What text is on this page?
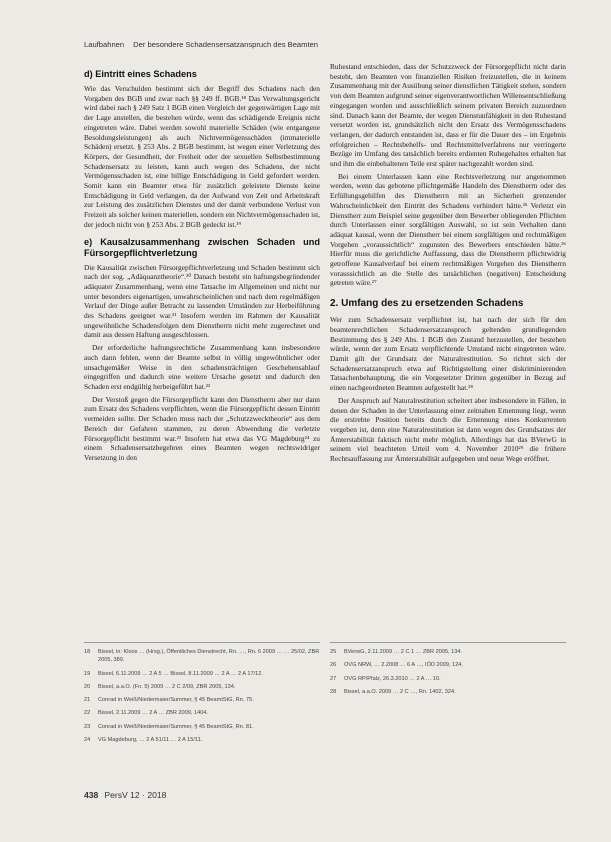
Laufbahnen Der besondere Schadensersatzanspruch des Beamten
d) Eintritt eines Schadens

Wie das Verschulden bestimmt sich der Begriff des Schadens nach den Vorgaben des BGB und zwar nach §§ 249 ff. BGB.¹⁸ Das Verwaltungsgericht wird dabei nach § 249 Satz 1 BGB einen Vergleich der gegenwärtigen Lage mit der Lage anstellen, die bestehen würde, wenn das schädigende Ereignis nicht eingetreten wäre. Dabei werden sowohl materielle Schäden (wie entgangene Besoldungsleistungen) als auch Nichtvermögensschäden (immaterielle Schäden) ersetzt. § 253 Abs. 2 BGB bestimmt, ist wegen einer Verletzung des Körpers, der Gesundheit, der Freiheit oder der sexuellen Selbstbestimmung Schadensersatz zu leisten, kann auch wegen des Schadens, der nicht Vermögensschaden ist, eine billige Entschädigung in Geld gefordert werden. Somit kann ein Beamter etwa für zusätzlich geleistete Dienste keine Entschädigung in Geld verlangen, da der Aufwand von Zeit und Arbeitskraft zur Leistung des zusätzlichen Dienstes und der damit verbundene Verlust von Freizeit als solcher keinen materiellen, sondern ein Nichtvermögensschaden ist, der jedoch nicht von § 253 Abs. 2 BGB gedeckt ist.¹⁹

e) Kausalzusammenhang zwischen Schaden und Fürsorgepflichtverletzung

Die Kausalität zwischen Fürsorgepflichtverletzung und Schaden bestimmt sich nach der sog. „Adäquanztheorie“.²⁰ Danach besteht ein haftungsbegründender adäquater Zusammenhang, wenn eine Tatsache im Allgemeinen und nicht nur unter besonders eigenartigen, unwahrscheinlichen und nach dem regelmäßigen Verlauf der Dinge außer Betracht zu lassenden Umständen zur Herbeiführung des Schadens geeignet war.²¹ Insofern werden im Rahmen der Kausalität ungewöhnliche Schadensfolgen dem Dienstherrn nicht mehr zugerechnet und damit aus dessen Haftung ausgeschlossen.

Der erforderliche haftungsrechtliche Zusammenhang kann insbesondere auch dann fehlen, wenn der Beamte selbst in völlig ungewöhnlicher oder unsachgemäßer Weise in den schadensträchtigen Geschehensablauf eingegriffen und dadurch eine weitere Ursache gesetzt und dadurch den Schaden erst endgültig herbeigeführt hat.²²

Der Verstoß gegen die Fürsorgepflicht kann den Dienstherrn aber nur dann zum Ersatz des Schadens verpflichten, wenn die Fürsorgepflicht dessen Eintritt vermeiden sollte. Der Schaden muss nach der „Schutzzwecktheorie“ aus dem Bereich der Gefahren stammen, zu deren Abwendung die verletzte Fürsorgepflicht bestimmt war.²³ Insofern hat etwa das VG Magdeburg²⁴ zu einem Schadensersatzbegehren eines Beamten wegen rechtswidriger Versetzung in den

Ruhestand entschieden, dass der Schutzzweck der Fürsorgepflicht nicht darin besteht, den Beamten von finanziellen Risiken freizustellen, die in keinem Zusammenhang mit der Ausübung seiner dienstlichen Tätigkeit stehen, sondern von dem Beamten aufgrund seiner eigenverantwortlichen Willensentschließung eingegangen worden und ausschließlich seinem privaten Bereich zuzuordnen sind. Danach kann der Beamte, der wegen Dienstunfähigkeit in den Ruhestand versetzt worden ist, grundsätzlich nicht den Ersatz des Vermögensschadens verlangen, der dadurch entstanden ist, dass er für die Dauer des – im Ergebnis erfolgreichen – Rechtsbehelfs- und Rechtsmittelverfahrens nur verringerte Bezüge im Umfang des tatsächlich bereits erdienten Ruhegehaltes erhalten hat und ihm die einbehaltenen Teile erst später nachgezahlt worden sind.

Bei einem Unterlassen kann eine Rechtsverletzung nur angenommen werden, wenn das gebotene pflichtgemäße Handeln des Dienstherrn oder des Erfüllungsgehilfen des Dienstherrn mit an Sicherheit grenzender Wahrscheinlichkeit den Eintritt des Schadens verhindert hätte.²⁵ Verletzt ein Dienstherr zum Beispiel seine gegenüber dem Bewerber obliegenden Pflichten durch Unterlassen einer sorgfältigen Auswahl, so ist sein Verhalten dann adäquat kausal, wenn der Dienstherr bei einem sorgfältigen und rechtmäßigen Vorgehen „voraussichtlich“ zugunsten des Bewerbers entschieden hätte.²⁶ Hierfür muss die gerichtliche Auffassung, dass die Dienstherrn pflichtwidrig getroffene Kausalverlauf bei einem rechtmäßigen Vorgehen des Dienstherrn voraussichtlich an die Stelle des tatsächlichen (negativen) Entscheidung getreten wäre.²⁷

2. Umfang des zu ersetzenden Schadens

Wer zum Schadensersatz verpflichtet ist, hat nach der sich für den beamtenrechtlichen Schadensersatzanspruch geltenden grundlegenden Bestimmung des § 249 Abs. 1 BGB den Zustand herzustellen, der bestehen würde, wenn der zum Ersatz verpflichtende Umstand nicht eingetreten wäre. Damit gilt der Grundsatz der Naturalrestitution. So richtet sich der Schadensersatzanspruch etwa auf Richtigstellung einer diskriminierenden Tatsachenbehauptung, die ein Vorgesetzter Dritten gegenüber in Bezug auf einen nachgeordneten Beamten aufgestellt hat.²⁸

Der Anspruch auf Naturalrestitution scheitert aber insbesondere in Fällen, in denen der Schaden in der Unterlassung einer zeitnahen Ernennung liegt, wenn die erstrebte Position bereits durch die Ernennung eines Konkurrenten vergeben ist, denn eine Naturalrestitution ist dann wegen des Grundsatzes der Ämterstabilität faktisch nicht mehr möglich. Allerdings hat das BVerwG in seinem viel beachteten Urteil vom 4. November 2010²⁹ die frühere Rechtsauffassung zur Ämterstabilität aufgegeben und neue Wege eröffnet.

18	Bissel, in: Kloos … (Hrsg.), Öffentliches Dienstrecht, Rn. …, Rn. 6 2009 … … 25/02, ZBR 2005, 389.
19	Bissel, 6.11.2009 … 2 A 5 … Bissel, 8.11.2009 … 2 A … 2 A 17/12.
20	Bissel, a.a.O. (Fn. 5) 2009 … 2 C 2/09, ZBR 2005, 134.
21	Conrad in Weiß/Niedermaier/Summer, § 45 BeamtStG, Rn. 75.
22	Bissel, 2.11.2009 … 2 A … ZBR 2009, 1404.
23	Conrad in Weiß/Niedermaier/Summer, § 45 BeamtStG, Rn. 81.
24	VG Magdeburg, … 2 A 51/11 … 2 A 15/11.
25	BVerwG, 2.11.2009 … 2 C 1 … ZBR 2005, 134.
26	OVG NRW, … 2.2008 … 6 A …, IÖD 2009, 124.
27	OVG RP/Pfalz, 26.3.2010 … 2 A … 10.
28	Bissel, a.a.O. 2009 … 2 C …, Rn. 1402, 324.
438 PersV 12 · 2018
